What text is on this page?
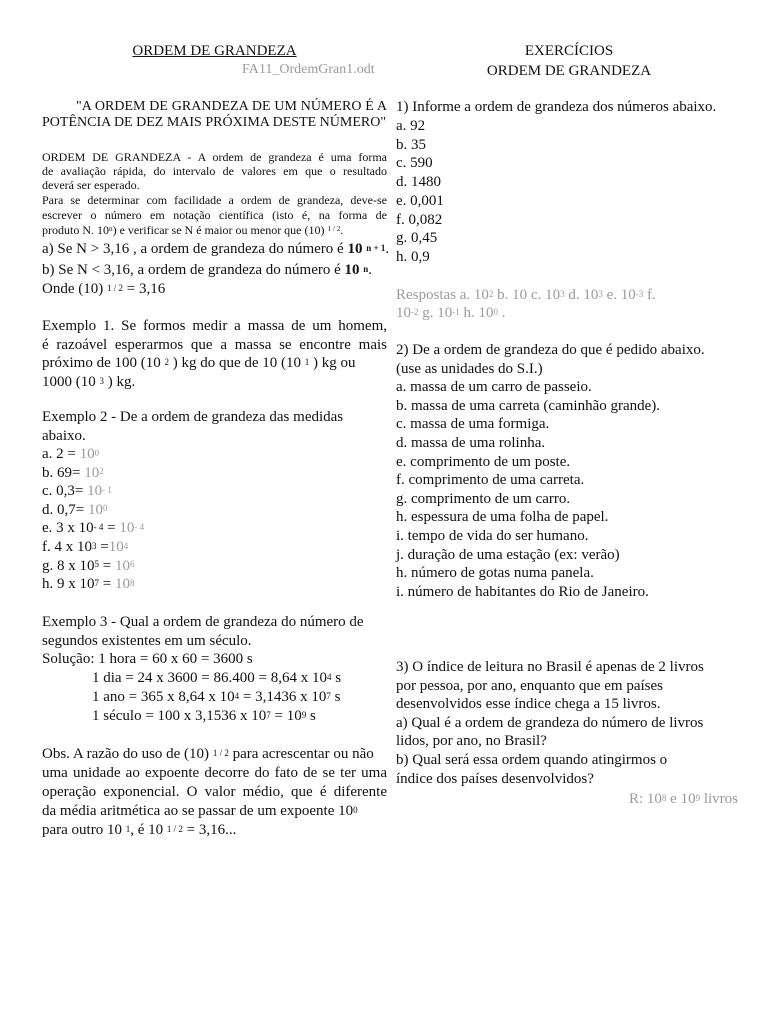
ORDEM DE GRANDEZA
FA11_OrdemGran1.odt
"A ORDEM DE GRANDEZA DE UM NÚMERO É A
POTÊNCIA DE DEZ MAIS PRÓXIMA DESTE NÚMERO"
ORDEM DE GRANDEZA - A ordem de grandeza é uma forma
de avaliação rápida, do intervalo de valores em que o resultado
deverá ser esperado.
Para se determinar com facilidade a ordem de grandeza, deve-se
escrever o número em notação científica (isto é, na forma de
produto N. 10$^n$) e verificar se N é maior ou menor que (10) $^{1 / 2}$.
a) Se N > 3,16 , a ordem de grandeza do número é 10 $^{n + 1}$.
b) Se N < 3,16, a ordem de grandeza do número é 10 $^n$.
Onde (10) $^{1 / 2}$ = 3,16
Exemplo 1. Se formos medir a massa de um homem,
é razoável esperarmos que a massa se encontre mais
próximo de 100 (10 $^2$ ) kg do que de 10 (10 $^1$ ) kg ou
1000 (10 $^3$ ) kg.
Exemplo 2 - De a ordem de grandeza das medidas
abaixo.
a. $2 = 10^0$
b. $69= 10^2$
c. $0,3= 10^{- 1}$
d. $0,7= 10^0$
e. 3 x $10^{- 4} = 10^{- 4}$
f. 4 x $10^3 =10^4$
g. 8 x $10^5 = 10^6$
h. 9 x $10^7 = 10^8$
Exemplo 3 - Qual a ordem de grandeza do número de
segundos existentes em um século.
Solução: 1 hora = 60 x 60 = 3600 s
1 dia = 24 x 3600 = 86.400 = 8,64 x $10^4$ s
1 ano = 365 x 8,64 x $10^4 = 3,1436$ x $10^7$ s
1 século = 100 x 3,1536 x $10^7 = 10^9$ s
Obs. A razão do uso de (10) $^{1 / 2}$ para acrescentar ou não
uma unidade ao expoente decorre do fato de se ter uma
operação exponencial. O valor médio, que é diferente
da média aritmética ao se passar de um expoente $10^0$
para outro 10 $^1$, é 10 $^{1 / 2}$ = 3,16...
EXERCÍCIOS
ORDEM DE GRANDEZA
1) Informe a ordem de grandeza dos números abaixo.
a. 92
b. 35
c. 590
d. 1480
e. 0,001
f. 0,082
g. 0,45
h. 0,9
Respostas a. $10^2$ b. 10 c. $10^3$ d. $10^3$ e. $10^{-3}$ f.
$10^{-2}$ g. $10^{-1}$ h. $10^0$ .
2) De a ordem de grandeza do que é pedido abaixo.
(use as unidades do S.I.)
a. massa de um carro de passeio.
b. massa de uma carreta (caminhão grande).
c. massa de uma formiga.
d. massa de uma rolinha.
e. comprimento de um poste.
f. comprimento de uma carreta.
g. comprimento de um carro.
h. espessura de uma folha de papel.
i. tempo de vida do ser humano.
j. duração de uma estação (ex: verão)
h. número de gotas numa panela.
i. número de habitantes do Rio de Janeiro.
3) O índice de leitura no Brasil é apenas de 2 livros
por pessoa, por ano, enquanto que em países
desenvolvidos esse índice chega a 15 livros.
a) Qual é a ordem de grandeza do número de livros
lidos, por ano, no Brasil?
b) Qual será essa ordem quando atingirmos o
índice dos países desenvolvidos?
R: $10^8$ e $10^9$ livros
